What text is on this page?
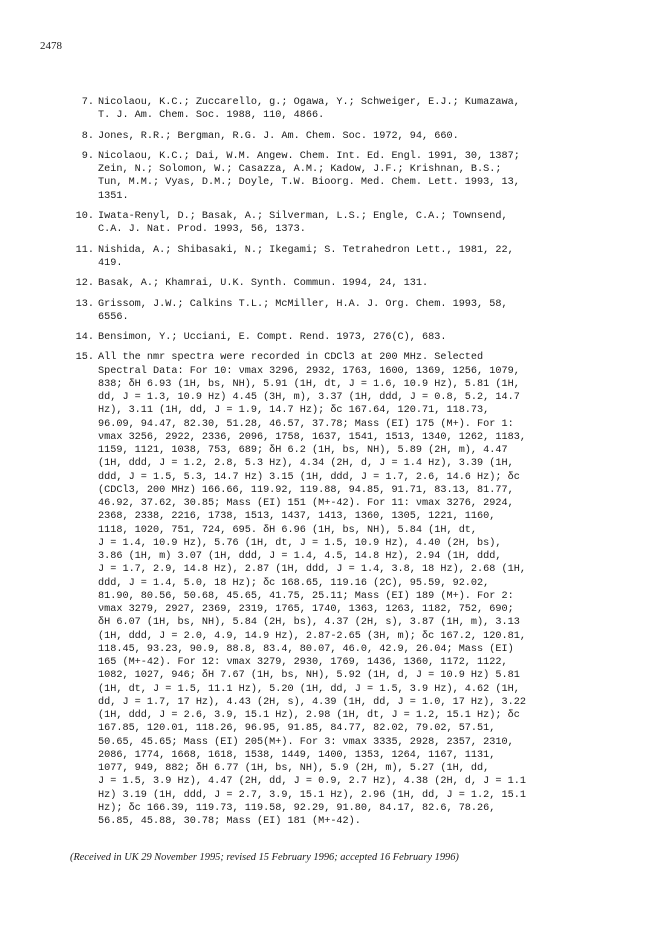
2478
7. Nicolaou, K.C.; Zuccarello, g.; Ogawa, Y.; Schweiger, E.J.; Kumazawa,
T. J. Am. Chem. Soc. 1988, 110, 4866.
8. Jones, R.R.; Bergman, R.G. J. Am. Chem. Soc. 1972, 94, 660.
9. Nicolaou, K.C.; Dai, W.M. Angew. Chem. Int. Ed. Engl. 1991, 30, 1387;
Zein, N.; Solomon, W.; Casazza, A.M.; Kadow, J.F.; Krishnan, B.S.;
Tun, M.M.; Vyas, D.M.; Doyle, T.W. Bioorg. Med. Chem. Lett. 1993, 13,
1351.
10. Iwata-Renyl, D.; Basak, A.; Silverman, L.S.; Engle, C.A.; Townsend,
C.A. J. Nat. Prod. 1993, 56, 1373.
11. Nishida, A.; Shibasaki, N.; Ikegami; S. Tetrahedron Lett., 1981, 22,
419.
12. Basak, A.; Khamrai, U.K. Synth. Commun. 1994, 24, 131.
13. Grissom, J.W.; Calkins T.L.; McMiller, H.A. J. Org. Chem. 1993, 58,
6556.
14. Bensimon, Y.; Ucciani, E. Compt. Rend. 1973, 276(C), 683.
15. All the nmr spectra were recorded in CDCl3 at 200 MHz. Selected
Spectral Data: For 10: νmax 3296, 2932, 1763, 1600, 1369, 1256, 1079,
838; δH 6.93 (1H, bs, NH), 5.91 (1H, dt, J = 1.6, 10.9 Hz), 5.81 (1H,
dd, J = 1.3, 10.9 Hz) 4.45 (3H, m), 3.37 (1H, ddd, J = 0.8, 5.2, 14.7
Hz), 3.11 (1H, dd, J = 1.9, 14.7 Hz); δc 167.64, 120.71, 118.73,
96.09, 94.47, 82.30, 51.28, 46.57, 37.78; Mass (EI) 175 (M+). For 1:
νmax 3256, 2922, 2336, 2096, 1758, 1637, 1541, 1513, 1340, 1262, 1183,
1159, 1121, 1038, 753, 689; δH 6.2 (1H, bs, NH), 5.89 (2H, m), 4.47
(1H, ddd, J = 1.2, 2.8, 5.3 Hz), 4.34 (2H, d, J = 1.4 Hz), 3.39 (1H,
ddd, J = 1.5, 5.3, 14.7 Hz) 3.15 (1H, ddd, J = 1.7, 2.6, 14.6 Hz); δc
(CDCl3, 200 MHz) 166.66, 119.92, 119.88, 94.85, 91.71, 83.13, 81.77,
46.92, 37.62, 30.85; Mass (EI) 151 (M+-42). For 11: νmax 3276, 2924,
2368, 2338, 2216, 1738, 1513, 1437, 1413, 1360, 1305, 1221, 1160,
1118, 1020, 751, 724, 695. δH 6.96 (1H, bs, NH), 5.84 (1H, dt,
J = 1.4, 10.9 Hz), 5.76 (1H, dt, J = 1.5, 10.9 Hz), 4.40 (2H, bs),
3.86 (1H, m) 3.07 (1H, ddd, J = 1.4, 4.5, 14.8 Hz), 2.94 (1H, ddd,
J = 1.7, 2.9, 14.8 Hz), 2.87 (1H, ddd, J = 1.4, 3.8, 18 Hz), 2.68 (1H,
ddd, J = 1.4, 5.0, 18 Hz); δc 168.65, 119.16 (2C), 95.59, 92.02,
81.90, 80.56, 50.68, 45.65, 41.75, 25.11; Mass (EI) 189 (M+). For 2:
νmax 3279, 2927, 2369, 2319, 1765, 1740, 1363, 1263, 1182, 752, 690;
δH 6.07 (1H, bs, NH), 5.84 (2H, bs), 4.37 (2H, s), 3.87 (1H, m), 3.13
(1H, ddd, J = 2.0, 4.9, 14.9 Hz), 2.87-2.65 (3H, m); δc 167.2, 120.81,
118.45, 93.23, 90.9, 88.8, 83.4, 80.07, 46.0, 42.9, 26.04; Mass (EI)
165 (M+-42). For 12: νmax 3279, 2930, 1769, 1436, 1360, 1172, 1122,
1082, 1027, 946; δH 7.67 (1H, bs, NH), 5.92 (1H, d, J = 10.9 Hz) 5.81
(1H, dt, J = 1.5, 11.1 Hz), 5.20 (1H, dd, J = 1.5, 3.9 Hz), 4.62 (1H,
dd, J = 1.7, 17 Hz), 4.43 (2H, s), 4.39 (1H, dd, J = 1.0, 17 Hz), 3.22
(1H, ddd, J = 2.6, 3.9, 15.1 Hz), 2.98 (1H, dt, J = 1.2, 15.1 Hz); δc
167.85, 120.01, 118.26, 96.95, 91.85, 84.77, 82.02, 79.02, 57.51,
50.65, 45.65; Mass (EI) 205(M+). For 3: νmax 3335, 2928, 2357, 2310,
2086, 1774, 1668, 1618, 1538, 1449, 1400, 1353, 1264, 1167, 1131,
1077, 949, 882; δH 6.77 (1H, bs, NH), 5.9 (2H, m), 5.27 (1H, dd,
J = 1.5, 3.9 Hz), 4.47 (2H, dd, J = 0.9, 2.7 Hz), 4.38 (2H, d, J = 1.1
Hz) 3.19 (1H, ddd, J = 2.7, 3.9, 15.1 Hz), 2.96 (1H, dd, J = 1.2, 15.1
Hz); δc 166.39, 119.73, 119.58, 92.29, 91.80, 84.17, 82.6, 78.26,
56.85, 45.88, 30.78; Mass (EI) 181 (M+-42).
(Received in UK 29 November 1995; revised 15 February 1996; accepted 16 February 1996)
